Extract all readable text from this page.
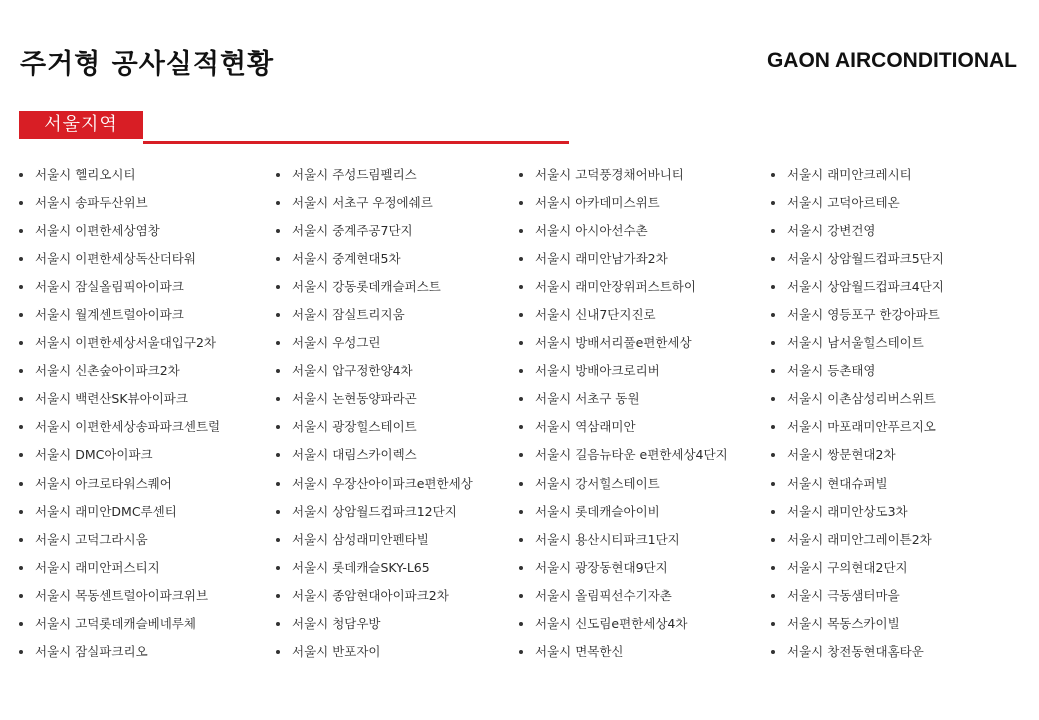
주거형 공사실적현황	GAON AIRCONDITIONAL
서울지역
서울시 헬리오시티
서울시 송파두산위브
서울시 이편한세상염창
서울시 이편한세상독산더타워
서울시 잠실올림픽아이파크
서울시 월계센트럴아이파크
서울시 이편한세상서울대입구2차
서울시 신촌숲아이파크2차
서울시 백련산SK뷰아이파크
서울시 이편한세상송파파크센트럴
서울시 DMC아이파크
서울시 아크로타워스퀘어
서울시 래미안DMC루센티
서울시 고덕그라시움
서울시 래미안퍼스티지
서울시 목동센트럴아이파크위브
서울시 고덕롯데캐슬베네루체
서울시 잠실파크리오
서울시 주성드림펠리스
서울시 서초구 우정에쉐르
서울시 중계주공7단지
서울시 중계현대5차
서울시 강동롯데캐슬퍼스트
서울시 잠실트리지움
서울시 우성그린
서울시 압구정한양4차
서울시 논현동양파라곤
서울시 광장힐스테이트
서울시 대림스카이렉스
서울시 우장산아이파크e편한세상
서울시 상암월드컵파크12단지
서울시 삼성래미안펜타빌
서울시 롯데캐슬SKY-L65
서울시 종암현대아이파크2차
서울시 청담우방
서울시 반포자이
서울시 고덕풍경채어바니티
서울시 아카데미스위트
서울시 아시아선수촌
서울시 래미안남가좌2차
서울시 래미안장위퍼스트하이
서울시 신내7단지진로
서울시 방배서리풀e편한세상
서울시 방배아크로리버
서울시 서초구 동원
서울시 역삼래미안
서울시 길음뉴타운 e편한세상4단지
서울시 강서힐스테이트
서울시 롯데캐슬아이비
서울시 용산시티파크1단지
서울시 광장동현대9단지
서울시 올림픽선수기자촌
서울시 신도림e편한세상4차
서울시 면목한신
서울시 래미안크레시티
서울시 고덕아르테온
서울시 강변건영
서울시 상암월드컵파크5단지
서울시 상암월드컵파크4단지
서울시 영등포구 한강아파트
서울시 남서울힐스테이트
서울시 등촌태영
서울시 이촌삼성리버스위트
서울시 마포래미안푸르지오
서울시 쌍문현대2차
서울시 현대슈퍼빌
서울시 래미안상도3차
서울시 래미안그레이튼2차
서울시 구의현대2단지
서울시 극동샘터마을
서울시 목동스카이빌
서울시 창전동현대홈타운
